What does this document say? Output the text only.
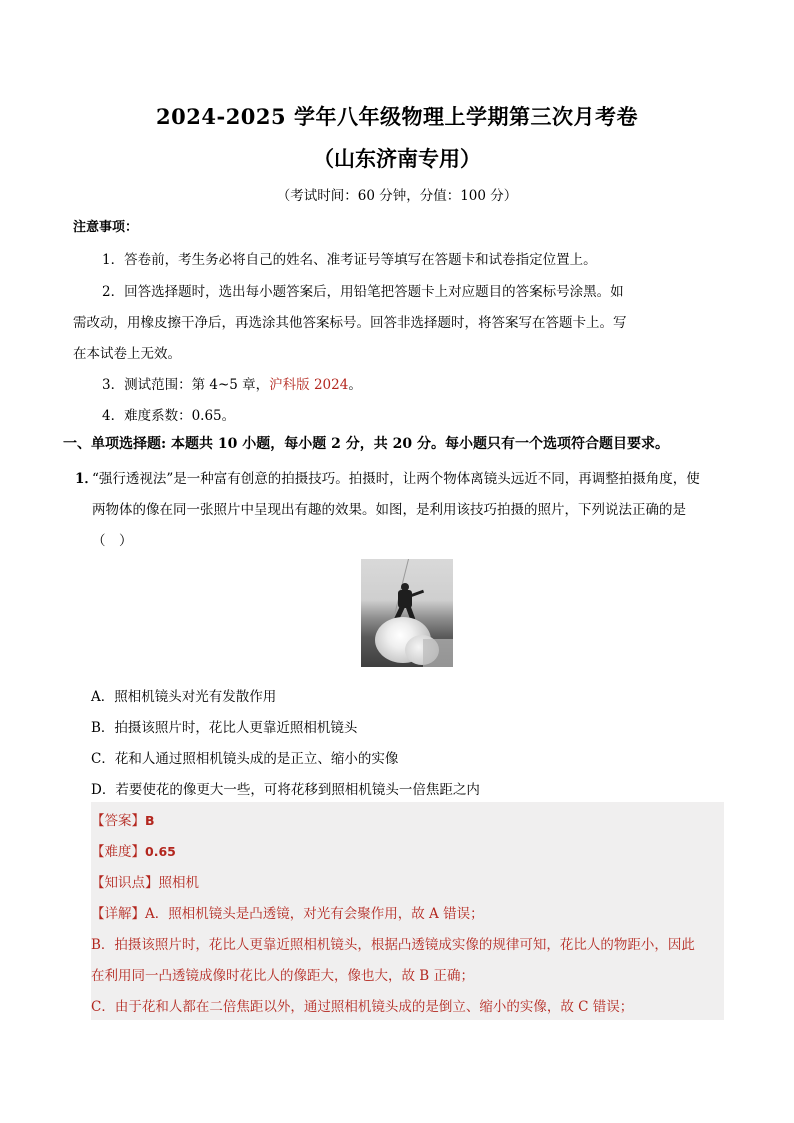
2024-2025 学年八年级物理上学期第三次月考卷
（山东济南专用）
（考试时间：60 分钟，分值：100 分）
注意事项：
1．答卷前，考生务必将自己的姓名、准考证号等填写在答题卡和试卷指定位置上。
2．回答选择题时，选出每小题答案后，用铅笔把答题卡上对应题目的答案标号涂黑。如
需改动，用橡皮擦干净后，再选涂其他答案标号。回答非选择题时，将答案写在答题卡上。写
在本试卷上无效。
3．测试范围：第 4~5 章，沪科版 2024。
4．难度系数：0.65。
一、单项选择题: 本题共 10 小题，每小题 2 分，共 20 分。每小题只有一个选项符合题目要求。
1．
“强行透视法”是一种富有创意的拍摄技巧。拍摄时，让两个物体离镜头远近不同，再调整拍摄角度，使
两物体的像在同一张照片中呈现出有趣的效果。如图，是利用该技巧拍摄的照片，下列说法正确的是
（　）
A．照相机镜头对光有发散作用
B．拍摄该照片时，花比人更靠近照相机镜头
C．花和人通过照相机镜头成的是正立、缩小的实像
D．若要使花的像更大一些，可将花移到照相机镜头一倍焦距之内
【答案】B
【难度】0.65
【知识点】照相机
【详解】A．照相机镜头是凸透镜，对光有会聚作用，故 A 错误；
B．拍摄该照片时，花比人更靠近照相机镜头，根据凸透镜成实像的规律可知，花比人的物距小，因此
在利用同一凸透镜成像时花比人的像距大，像也大，故 B 正确；
C．由于花和人都在二倍焦距以外，通过照相机镜头成的是倒立、缩小的实像，故 C 错误；
